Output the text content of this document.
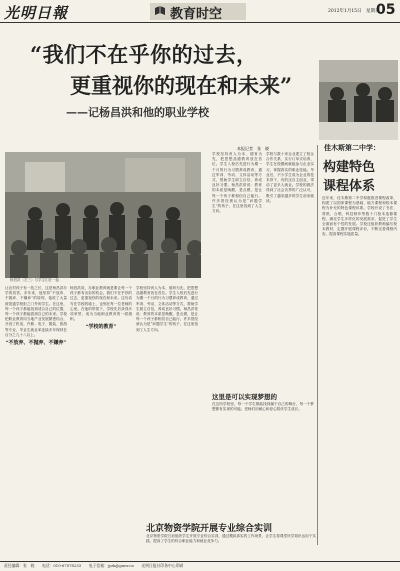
光明日報	教育时空	2012年1月15日　星期日
05
“我们不在乎你的过去，
更重视你的现在和未来”
——记杨昌洪和他的职业学校
本报记者　张　晓
杨昌洪（左三）与学生们在一起
佳木斯第二中学：
构建特色
课程体系
近年来，佳木斯第二中学积极推进课程改革，构建了以国家课程为基础、地方课程和校本课程为补充的特色课程体系。学校开设了书法、剪纸、合唱、科技制作等数十门校本选修课程，满足学生多样化的发展需求，促进了学生全面而有个性的发展。学校还组织教师编写校本教材，定期开展课程评价，不断完善课程内容，提高课程实施质量。
学校坚持育人为本、德育为先，把思想品德教育放在首位。学生入校后先进行为期一个月的行为习惯养成教育，通过军训、劳动、文体活动等方式，帮助学生树立自信，养成良好习惯。杨昌洪常说：教育的本质是唤醒，是点燃，是让每一个孩子都相信自己能行。许多曾经被认为是“问题学生”的孩子，在这里找到了人生方向。
学校与数十家企业建立了校企合作关系，实行订单式培养，学生在校期间就能参与企业实习，掌握真实的职业技能。毕业后，不少学生成为企业的技术骨干，有的还自主创业，带动了更多人就业。学校的做法得到了社会各界的广泛认可，吸引了越来越多的学生前来就读。
让农村孩子有一技之长，这是杨昌洪办学的初衷。多年来，他坚持“不放弃、不抛弃、不嫌弃”的原则，接收了大量被普通学校拒之门外的学生。在这里，每一个孩子都能找到适合自己的位置，每一个孩子都能看到自己的未来。学校把职业教育同当地产业发展紧密结合，开设了机电、汽修、电子、服装、旅游等专业，毕业生就业率连续多年保持在百分之九十八以上。
“不放弃、不抛弃、不嫌弃”
杨昌洪说，办职业教育就是要让每一个孩子都有出彩的机会。我们不在乎你的过去，更重视你的现在和未来。这句话写在学校的墙上，也刻在每一位老师的心里。在他的带领下，学校先后获得多项荣誉，成为当地职业教育的一面旗帜。
“学校的教育”
学校坚持育人为本、德育为先，把思想品德教育放在首位。学生入校后先进行为期一个月的行为习惯养成教育，通过军训、劳动、文体活动等方式，帮助学生树立自信，养成良好习惯。杨昌洪常说：教育的本质是唤醒，是点燃，是让每一个孩子都相信自己能行。许多曾经被认为是“问题学生”的孩子，在这里找到了人生方向。
这里是可以实现梦想的
在这所学校里，每一个学生都能找到属于自己的舞台，每一个梦想都有实现的可能。老师们用耐心和爱心陪伴学生成长。
北京物资学院开展专业综合实训
北京物资学院日前组织学生开展专业综合实训，通过模拟真实的工作场景，让学生将课堂所学知识运用于实践，提高了学生的综合职业能力和就业竞争力。
责任编辑：张　晓　　电话：010-67078233　　电子信箱：jyzk@gmw.cn　　光明日报社印务中心印刷
